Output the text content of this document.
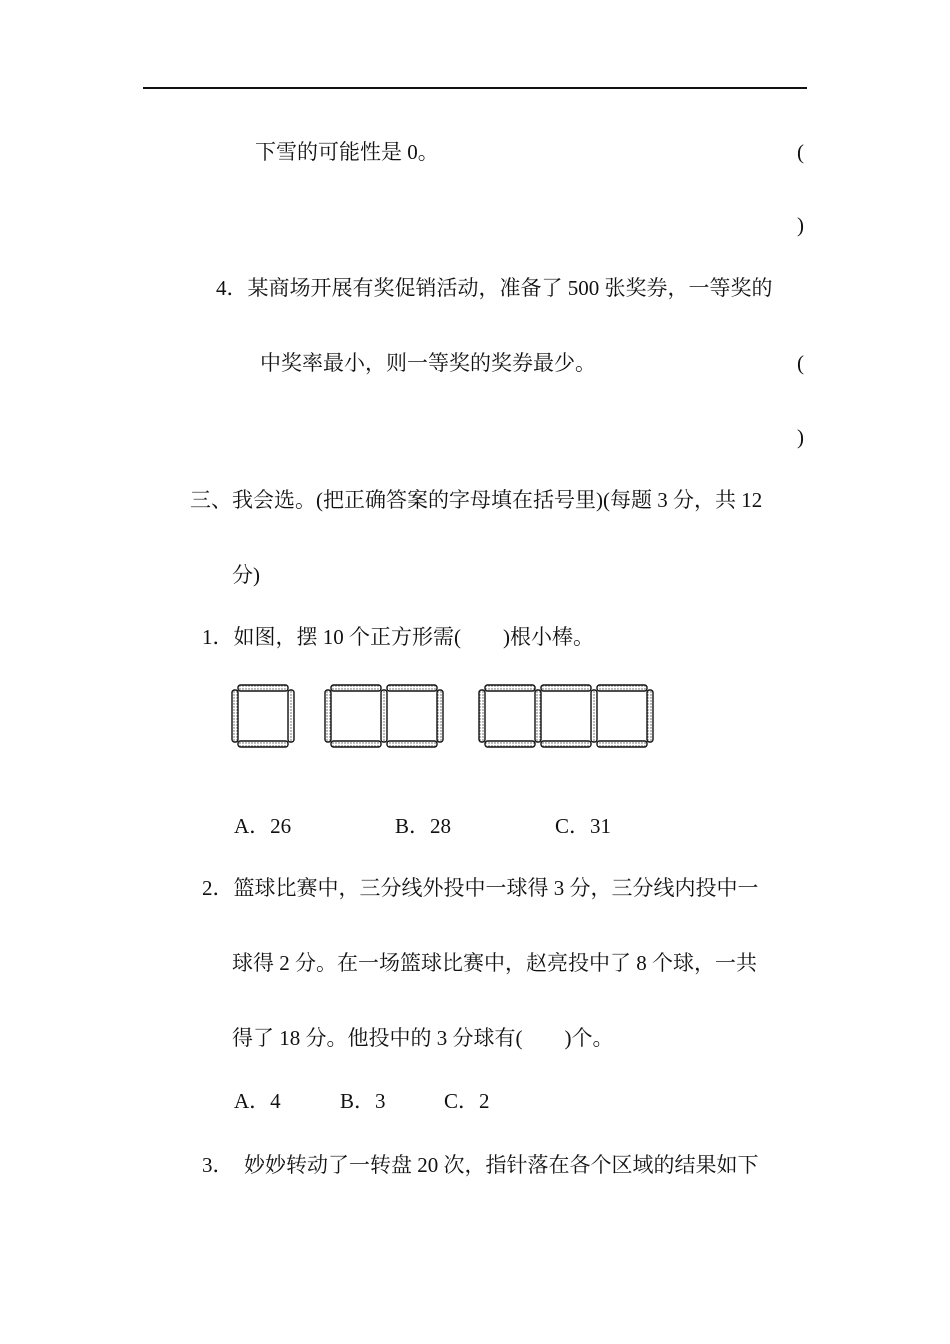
下雪的可能性是 0。	(
)
4．某商场开展有奖促销活动，准备了 500 张奖券，一等奖的
中奖率最小，则一等奖的奖券最少。	(
)
三、我会选。(把正确答案的字母填在括号里)(每题 3 分，共 12
分)
1．如图，摆 10 个正方形需(　　)根小棒。
A．26	B．28	C．31
2．篮球比赛中，三分线外投中一球得 3 分，三分线内投中一
球得 2 分。在一场篮球比赛中，赵亮投中了 8 个球，一共
得了 18 分。他投中的 3 分球有(　　)个。
A．4	B．3	C．2
3．　妙妙转动了一转盘 20 次，指针落在各个区域的结果如下
